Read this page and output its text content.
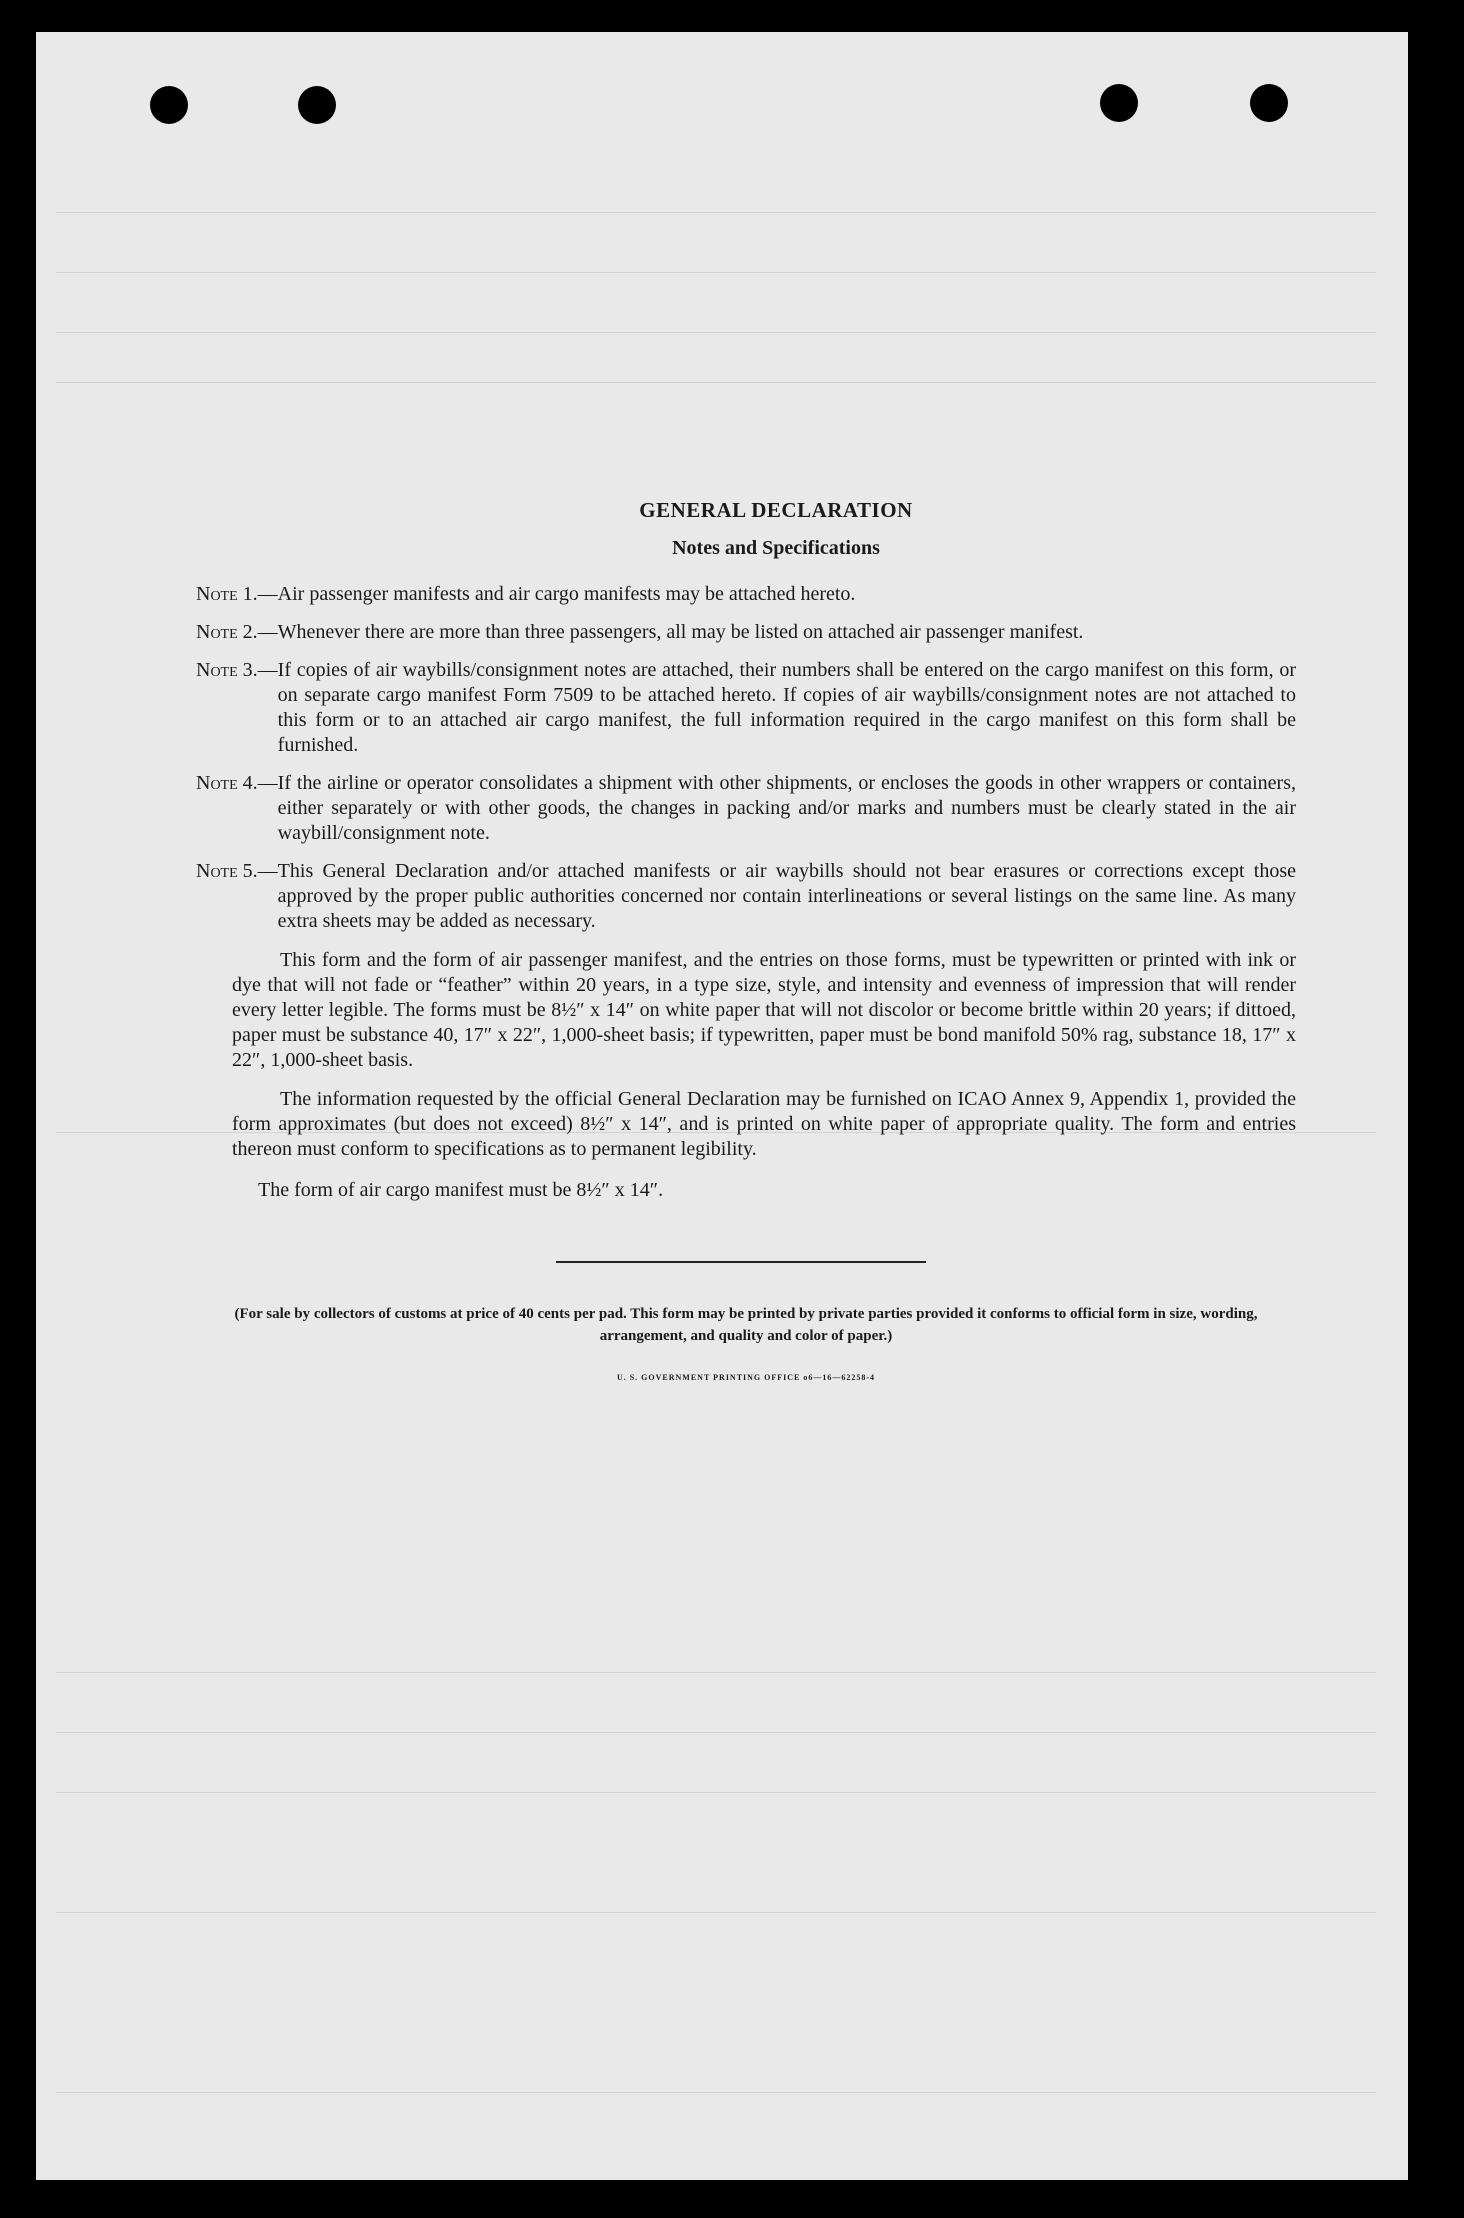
GENERAL DECLARATION
Notes and Specifications
Note 1.— Air passenger manifests and air cargo manifests may be attached hereto.
Note 2.— Whenever there are more than three passengers, all may be listed on attached air passenger manifest.
Note 3.— If copies of air waybills/consignment notes are attached, their numbers shall be entered on the cargo manifest on this form, or on separate cargo manifest Form 7509 to be attached hereto. If copies of air waybills/consignment notes are not attached to this form or to an attached air cargo manifest, the full information required in the cargo manifest on this form shall be furnished.
Note 4.— If the airline or operator consolidates a shipment with other shipments, or encloses the goods in other wrappers or containers, either separately or with other goods, the changes in packing and/or marks and numbers must be clearly stated in the air waybill/consignment note.
Note 5.— This General Declaration and/or attached manifests or air waybills should not bear erasures or corrections except those approved by the proper public authorities concerned nor contain interlineations or several listings on the same line. As many extra sheets may be added as necessary.

This form and the form of air passenger manifest, and the entries on those forms, must be typewritten or printed with ink or dye that will not fade or “feather” within 20 years, in a type size, style, and intensity and evenness of impression that will render every letter legible. The forms must be 8½″ x 14″ on white paper that will not discolor or become brittle within 20 years; if dittoed, paper must be substance 40, 17″ x 22″, 1,000-sheet basis; if typewritten, paper must be bond manifold 50% rag, substance 18, 17″ x 22″, 1,000-sheet basis.

The information requested by the official General Declaration may be furnished on ICAO Annex 9, Appendix 1, provided the form approximates (but does not exceed) 8½″ x 14″, and is printed on white paper of appropriate quality. The form and entries thereon must conform to specifications as to permanent legibility.

The form of air cargo manifest must be 8½″ x 14″.

(For sale by collectors of customs at price of 40 cents per pad. This form may be printed by private parties provided it conforms to official form in size, wording, arrangement, and quality and color of paper.)
U. S. GOVERNMENT PRINTING OFFICE o6—16—62258-4
